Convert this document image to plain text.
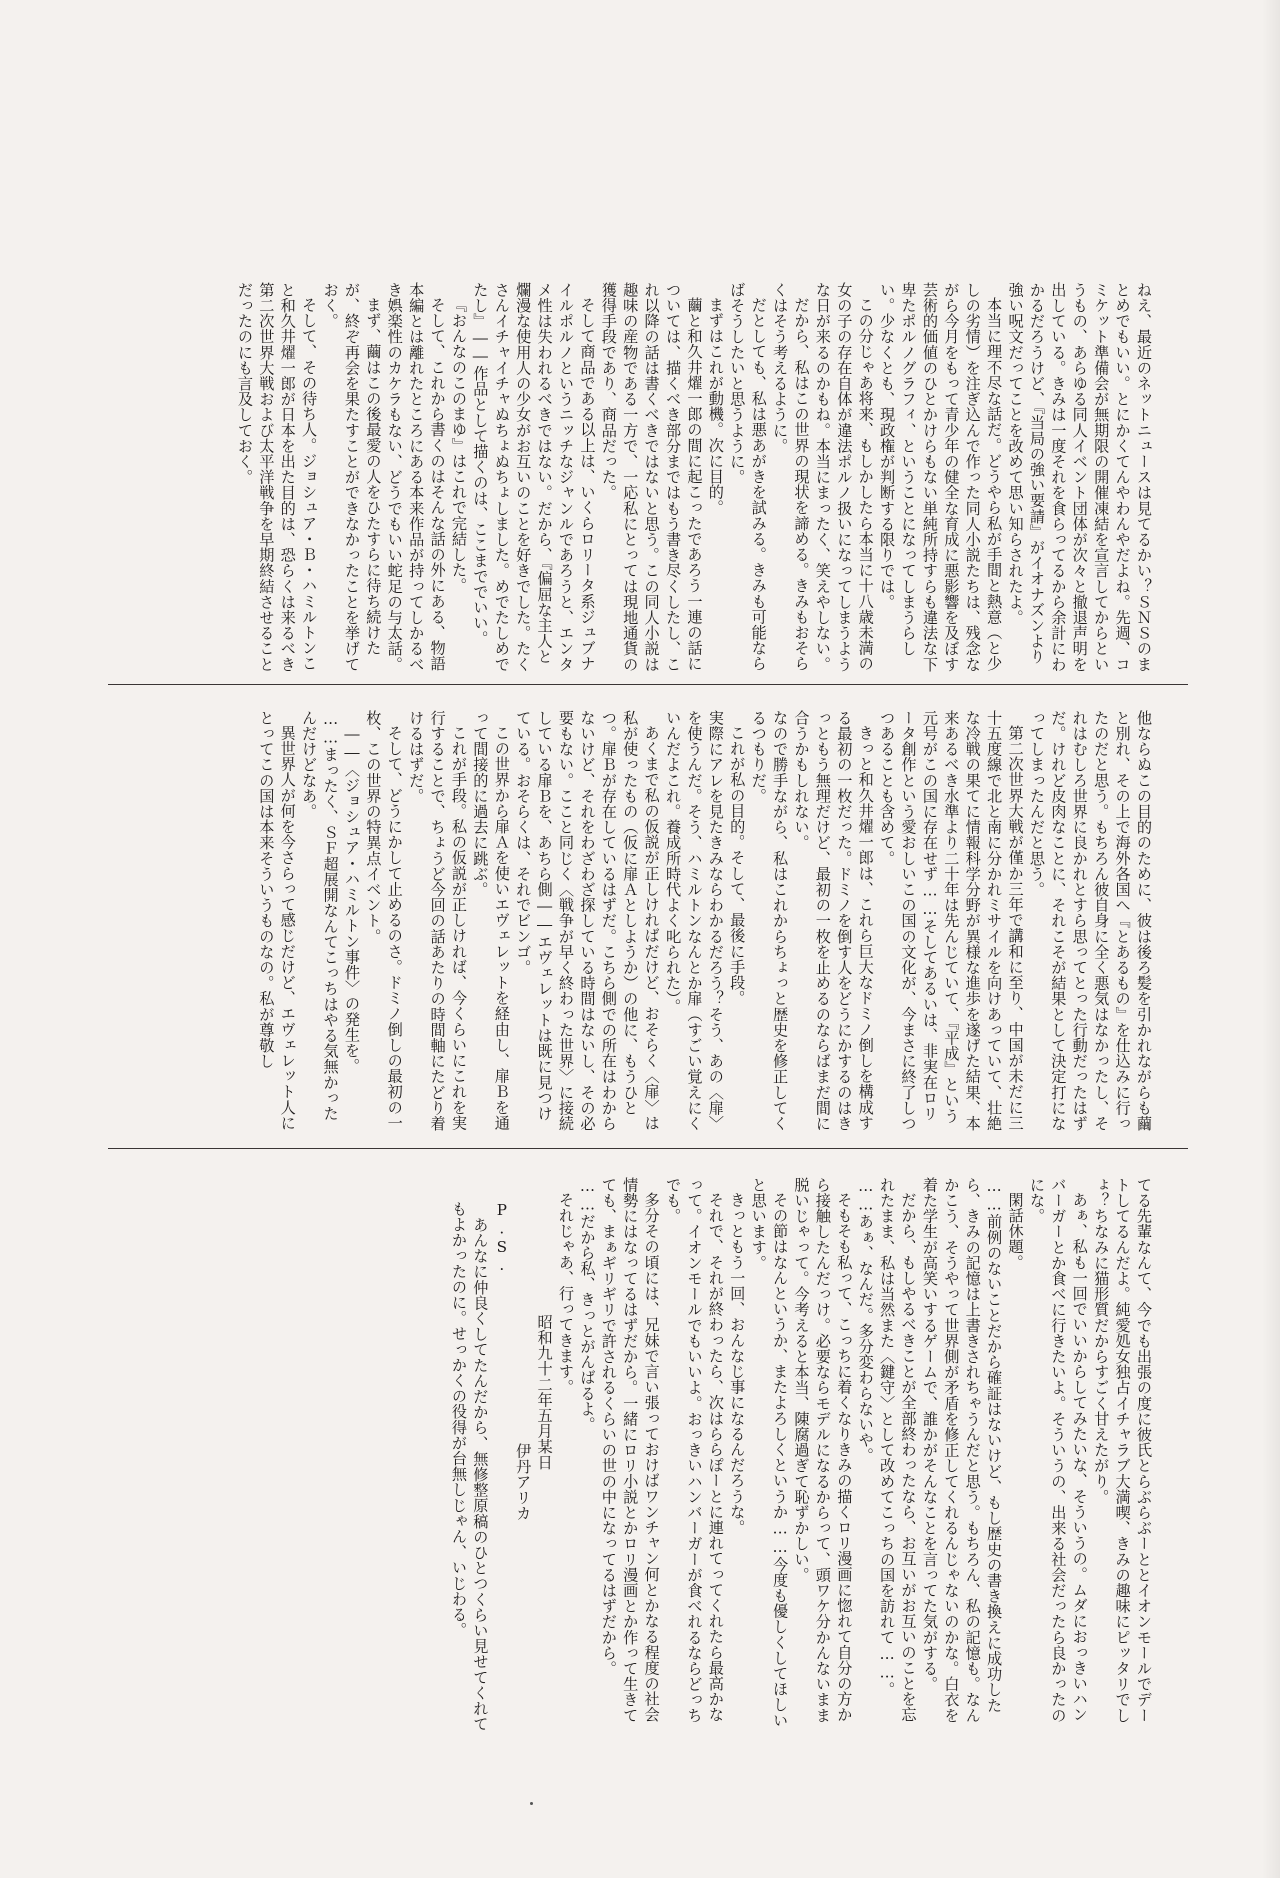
ねえ、最近のネットニュースは見てるかい？ＳＮＳのまとめでもいい。とにかくてんやわんやだよね。先週、コミケット準備会が無期限の開催凍結を宣言してからというもの、あらゆる同人イベント団体が次々と撤退声明を出している。きみは一度それを食らってるから余計にわかるだろうけど、『当局の強い要請』がイオナズンより強い呪文だってことを改めて思い知らされたよ。
本当に理不尽な話だ。どうやら私が手間と熱意（と少しの劣情）を注ぎ込んで作った同人小説たちは、残念ながら今月をもって青少年の健全な育成に悪影響を及ぼす芸術的価値のひとかけらもない単純所持すらも違法な下卑たポルノグラフィ、ということになってしまうらしい。少なくとも、現政権が判断する限りでは。
この分じゃあ将来、もしかしたら本当に十八歳未満の女の子の存在自体が違法ポルノ扱いになってしまうような日が来るのかもね。本当にまったく、笑えやしない。
だから、私はこの世界の現状を諦める。きみもおそらくはそう考えるように。
だとしても、私は悪あがきを試みる。きみも可能ならばそうしたいと思うように。
まずはこれが動機。次に目的。
繭と和久井燿一郎の間に起こったであろう一連の話については、描くべき部分まではもう書き尽くしたし、これ以降の話は書くべきではないと思う。この同人小説は趣味の産物である一方で、一応私にとっては現地通貨の獲得手段であり、商品だった。
そして商品である以上は、いくらロリータ系ジュブナイルポルノというニッチなジャンルであろうと、エンタメ性は失われるべきではない。だから、『偏屈な主人と爛漫な使用人の少女がお互いのことを好きでした。たくさんイチャイチャぬちょぬちょしました。めでたしめでたし』――作品として描くのは、ここまででいい。
『おんなのこのまゆ』はこれで完結した。
そして、これから書くのはそんな話の外にある、物語本編とは離れたところにある本来作品が持ってしかるべき娯楽性のカケラもない、どうでもいい蛇足の与太話。
まず、繭はこの後最愛の人をひたすらに待ち続けたが、終ぞ再会を果たすことができなかったことを挙げておく。
そして、その待ち人。ジョシュア・Ｂ・ハミルトンこと和久井燿一郎が日本を出た目的は、恐らくは来るべき第二次世界大戦および太平洋戦争を早期終結させることだったのにも言及しておく。
他ならぬこの目的のために、彼は後ろ髪を引かれながらも繭と別れ、その上で海外各国へ『とあるもの』を仕込みに行ったのだと思う。もちろん彼自身に全く悪気はなかったし、それはむしろ世界に良かれとすら思ってとった行動だったはずだ。けれど皮肉なことに、それこそが結果として決定打になってしまったんだと思う。
第二次世界大戦が僅か三年で講和に至り、中国が未だに三十五度線で北と南に分かれミサイルを向けあっていて、壮絶な冷戦の果てに情報科学分野が異様な進歩を遂げた結果、本来あるべき水準より二十年は先んじていて、『平成』という元号がこの国に存在せず……そしてあるいは、非実在ロリータ創作という愛おしいこの国の文化が、今まさに終了しつつあることも含めて。
きっと和久井燿一郎は、これら巨大なドミノ倒しを構成する最初の一枚だった。ドミノを倒す人をどうにかするのはきっともう無理だけど、最初の一枚を止めるのならばまだ間に合うかもしれない。
なので勝手ながら、私はこれからちょっと歴史を修正してくるつもりだ。
これが私の目的。そして、最後に手段。
実際にアレを見たきみならわかるだろう？そう、あの〈扉〉を使うんだ。そう、ハミルトンなんとか扉（すごい覚えにくいんだよこれ。養成所時代よく叱られた）。
あくまで私の仮説が正しければだけど、おそらく〈扉〉は私が使ったもの（仮に扉Ａとしようか）の他に、もうひとつ。扉Ｂが存在しているはずだ。こちら側での所在はわからないけど、それをわざわざ探している時間はないし、その必要もない。ここと同じく〈戦争が早く終わった世界〉に接続している扉Ｂを、あちら側――エヴェレットは既に見つけている。おそらくは、それでビンゴ。
この世界から扉Ａを使いエヴェレットを経由し、扉Ｂを通って間接的に過去に跳ぶ。
これが手段。私の仮説が正しければ、今くらいにこれを実行することで、ちょうど今回の話あたりの時間軸にたどり着けるはずだ。
そして、どうにかして止めるのさ。ドミノ倒しの最初の一枚、この世界の特異点イベント。
――〈ジョシュア・ハミルトン事件〉の発生を。
……まったく、ＳＦ超展開なんてこっちはやる気無かったんだけどなあ。
異世界人が何を今さらって感じだけど、エヴェレット人にとってこの国は本来そういうものなの。私が尊敬し
てる先輩なんて、今でも出張の度に彼氏とらぶらぶーととイオンモールでデートしてるんだよ。純愛処女独占イチャラブ大満喫、きみの趣味にピッタリでしょ？ちなみに猫形質だからすごく甘えたがり。
あぁ、私も一回でいいからしてみたいな、そういうの。ムダにおっきいハンバーガーとか食べに行きたいよ。そういうの、出来る社会だったら良かったのにな。
閑話休題。
……前例のないことだから確証はないけど、もし歴史の書き換えに成功したら、きみの記憶は上書きされちゃうんだと思う。もちろん、私の記憶も。なんかこう、そうやって世界側が矛盾を修正してくれるんじゃないのかな。白衣を着た学生が高笑いするゲームで、誰かがそんなことを言ってた気がする。
だから、もしやるべきことが全部終わったなら、お互いがお互いのことを忘れたまま、私は当然また〈鍵守〉として改めてこっちの国を訪れて……。
……あぁ、なんだ。多分変わらないや。
そもそも私って、こっちに着くなりきみの描くロリ漫画に惚れて自分の方から接触したんだっけ。必要ならモデルになるからって、頭ワケ分かんないまま脱いじゃって。今考えると本当、陳腐過ぎて恥ずかしい。
その節はなんというか、またよろしくというか……今度も優しくしてほしいと思います。
きっともう一回、おんなじ事になるんだろうな。
それで、それが終わったら、次はららぽーとに連れてってくれたら最高かなって。イオンモールでもいいよ。おっきいハンバーガーが食べれるならどっちでも。
多分その頃には、兄妹で言い張っておけばワンチャン何とかなる程度の社会情勢にはなってるはずだから。一緒にロリ小説とかロリ漫画とか作って生きてても、まぁギリギリで許されるくらいの世の中になってるはずだから。
……だから私、きっとがんばるよ。
それじゃあ、行ってきます。
昭和九十二年五月某日
伊丹アリカ
P.S.
あんなに仲良くしてたんだから、無修整原稿のひとつくらい見せてくれてもよかったのに。せっかくの役得が台無しじゃん、いじわる。
